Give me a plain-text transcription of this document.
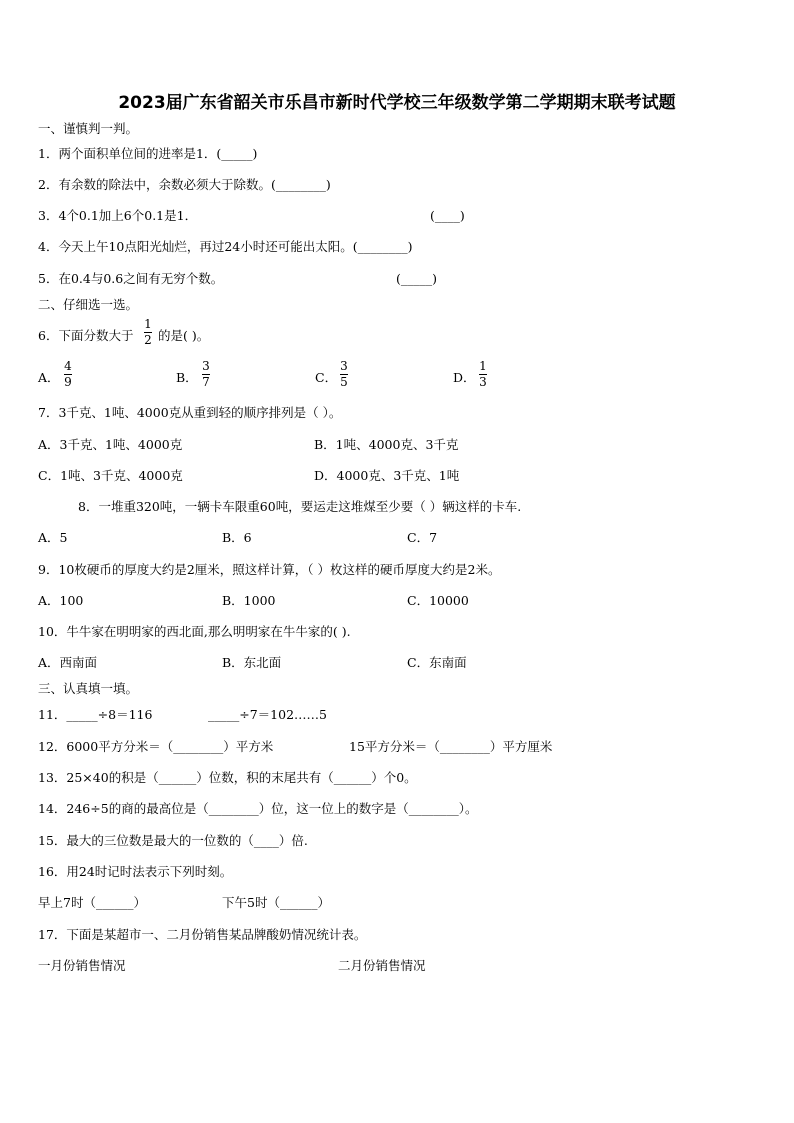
2023届广东省韶关市乐昌市新时代学校三年级数学第二学期期末联考试题
一、谨慎判一判。
1．两个面积单位间的进率是1．(_____)
2．有余数的除法中，余数必须大于除数。(________)
3．4个0.1加上6个0.1是1．	(____)
4．今天上午10点阳光灿烂，再过24小时还可能出太阳。(________)
5．在0.4与0.6之间有无穷个数。	(_____)
二、仔细选一选。
6．下面分数大于
1
2 的是( )。
A．
4
9	B．
3
7	C．
3
5	D．
1
3
7．3千克、1吨、4000克从重到轻的顺序排列是（ ）。
A．3千克、1吨、4000克	B．1吨、4000克、3千克
C．1吨、3千克、4000克	D．4000克、3千克、1吨
8．一堆重320吨，一辆卡车限重60吨，要运走这堆煤至少要（ ）辆这样的卡车.
A．5	B．6	C．7
9．10枚硬币的厚度大约是2厘米，照这样计算，（ ）枚这样的硬币厚度大约是2米。
A．100	B．1000	C．10000
10．牛牛家在明明家的西北面,那么明明家在牛牛家的( ).
A．西南面	B．东北面	C．东南面
三、认真填一填。
11．_____÷8＝116	_____÷7＝102……5
12．6000平方分米＝（________）平方米	15平方分米＝（________）平方厘米
13．25×40的积是（______）位数，积的末尾共有（______）个0。
14．246÷5的商的最高位是（________）位，这一位上的数字是（________）。
15．最大的三位数是最大的一位数的（____）倍.
16．用24时记时法表示下列时刻。
早上7时（______）	下午5时（______）
17．下面是某超市一、二月份销售某品牌酸奶情况统计表。
一月份销售情况	二月份销售情况
